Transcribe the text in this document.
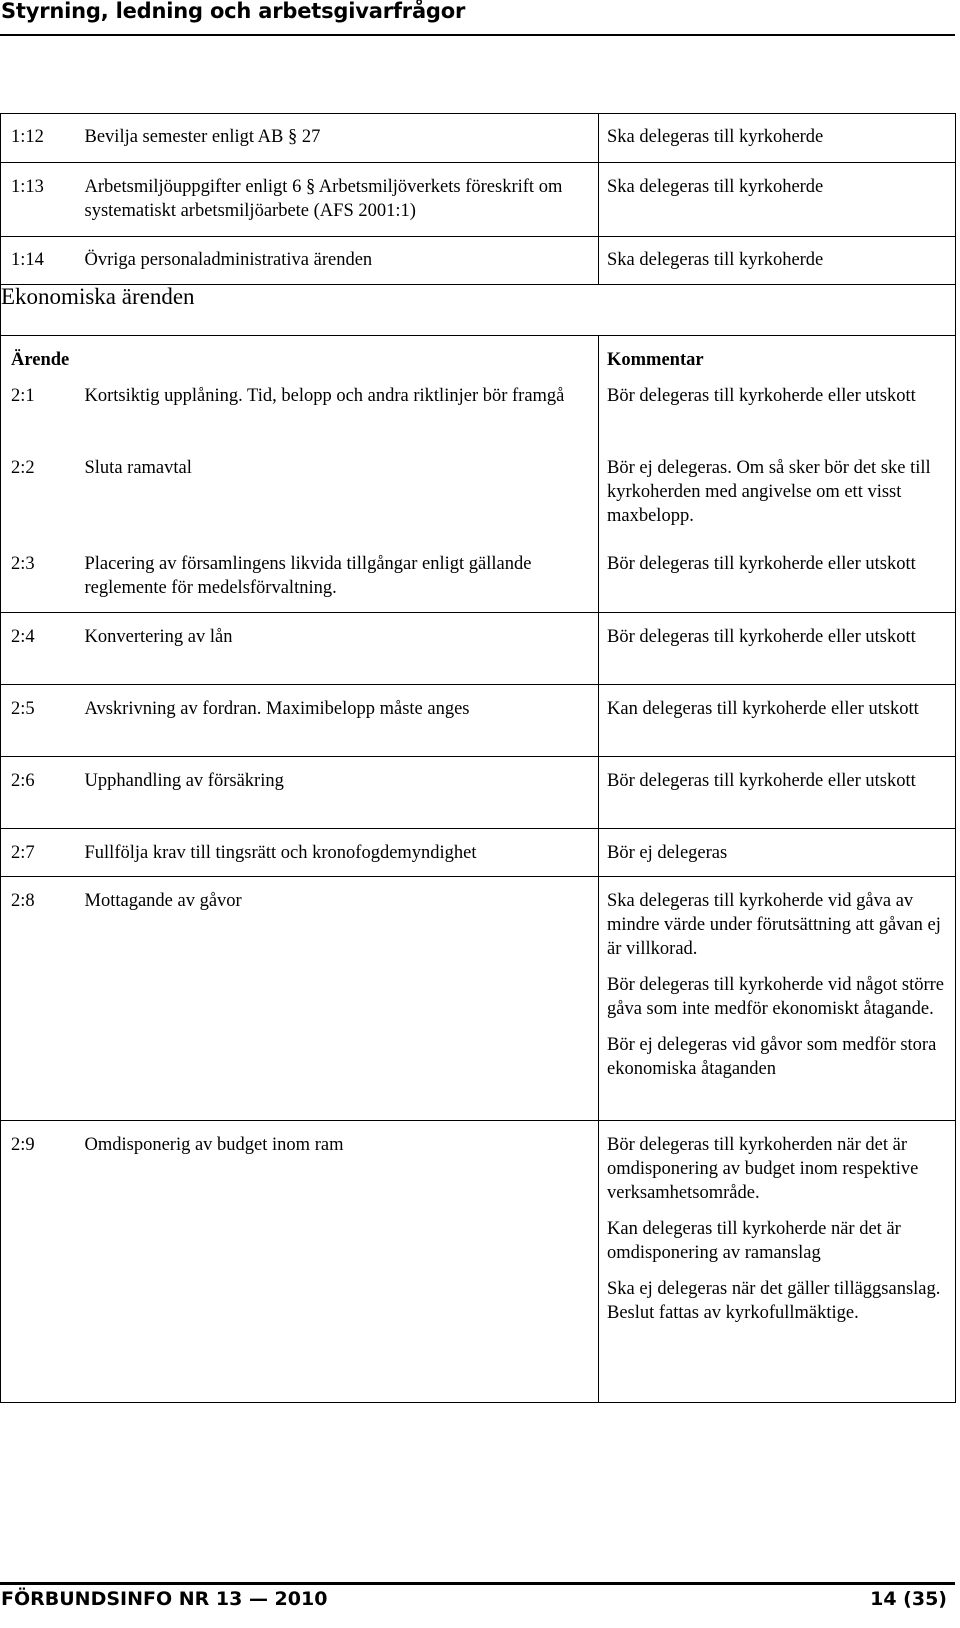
Styrning, ledning och arbetsgivarfrågor
1:12	Bevilja semester enligt AB § 27	Ska delegeras till kyrkoherde
1:13	Arbetsmiljöuppgifter enligt 6 § Arbetsmiljöverkets föreskrift om systematiskt arbetsmiljöarbete (AFS 2001:1)	Ska delegeras till kyrkoherde
1:14	Övriga personaladministrativa ärenden	Ska delegeras till kyrkoherde
Ekonomiska ärenden		
Ärende		Kommentar
2:1	Kortsiktig upplåning. Tid, belopp och andra riktlinjer bör framgå	Bör delegeras till kyrkoherde eller utskott

2:2	Sluta ramavtal	Bör ej delegeras. Om så sker bör det ske till kyrkoherden med angivelse om ett visst maxbelopp.

2:3	Placering av församlingens likvida tillgångar enligt gällande reglemente för medelsförvaltning.	Bör delegeras till kyrkoherde eller utskott

2:4	Konvertering av lån	Bör delegeras till kyrkoherde eller utskott

2:5	Avskrivning av fordran. Maximibelopp måste anges	Kan delegeras till kyrkoherde eller utskott

2:6	Upphandling av försäkring	Bör delegeras till kyrkoherde eller utskott

2:7	Fullfölja krav till tingsrätt och kronofogdemyndighet	Bör ej delegeras

2:8	Mottagande av gåvor	Ska delegeras till kyrkoherde vid gåva av mindre värde under förutsättning att gåvan ej är villkorad.

Bör delegeras till kyrkoherde vid något större gåva som inte medför ekonomiskt åtagande.

Bör ej delegeras vid gåvor som medför stora ekonomiska åtaganden

2:9	Omdisponerig av budget inom ram	Bör delegeras till kyrkoherden när det är omdisponering av budget inom respektive verksamhetsområde.

Kan delegeras till kyrkoherde när det är omdisponering av ramanslag

Ska ej delegeras när det gäller tilläggsanslag. Beslut fattas av kyrkofullmäktige.

FÖRBUNDSINFO NR 13 — 2010	14 (35)
